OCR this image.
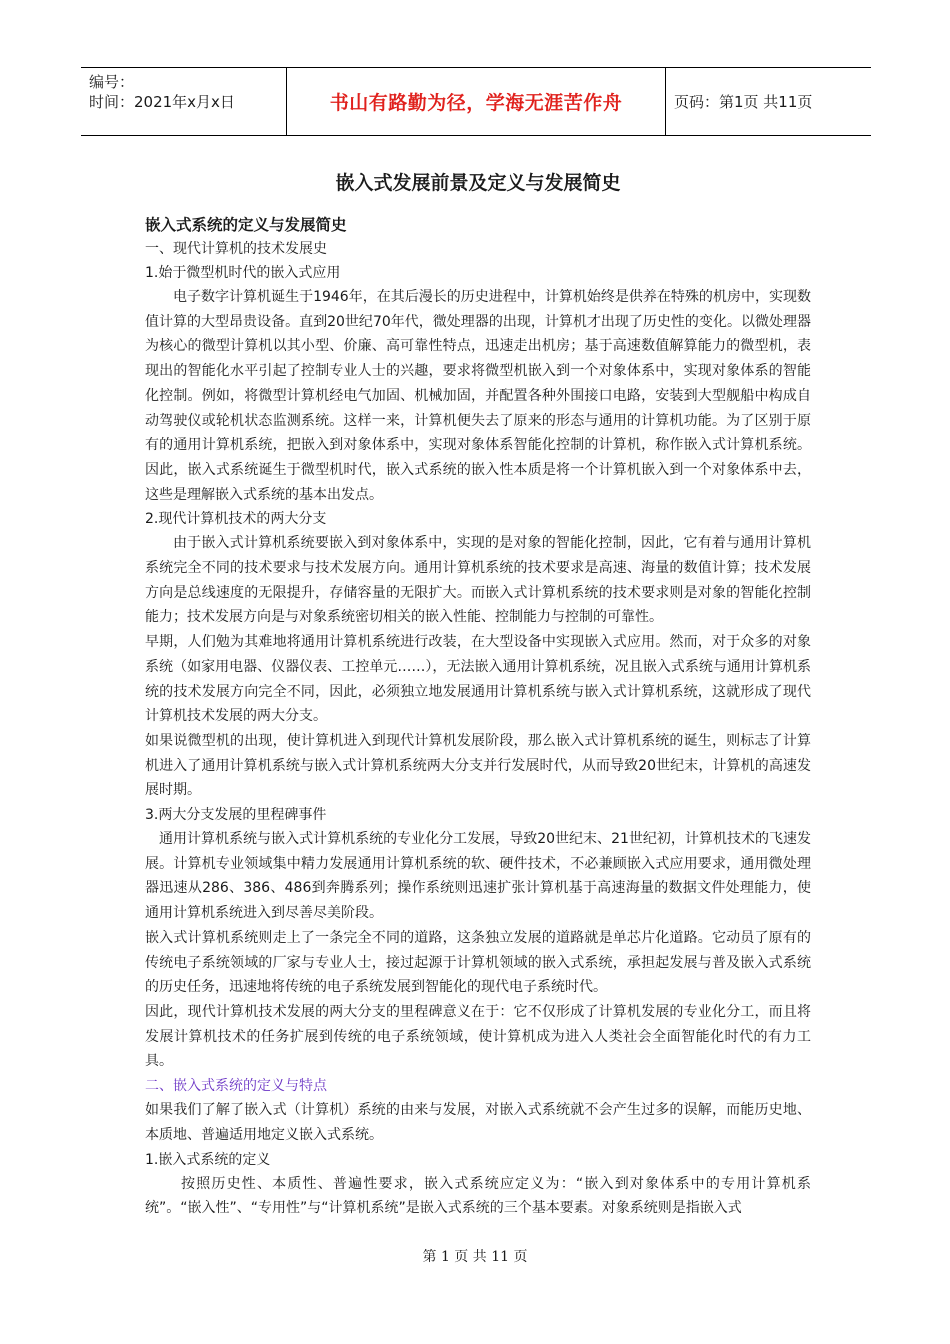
编号：
时间：2021年x月x日	书山有路勤为径，学海无涯苦作舟	页码：第1页 共11页
嵌入式发展前景及定义与发展简史
嵌入式系统的定义与发展简史
一、现代计算机的技术发展史
1.始于微型机时代的嵌入式应用

电子数字计算机诞生于1946年，在其后漫长的历史进程中，计算机始终是供养在特殊的机房中，实现数值计算的大型昂贵设备。直到20世纪70年代，微处理器的出现，计算机才出现了历史性的变化。以微处理器为核心的微型计算机以其小型、价廉、高可靠性特点，迅速走出机房；基于高速数值解算能力的微型机，表现出的智能化水平引起了控制专业人士的兴趣，要求将微型机嵌入到一个对象体系中，实现对象体系的智能化控制。例如，将微型计算机经电气加固、机械加固，并配置各种外围接口电路，安装到大型舰船中构成自动驾驶仪或轮机状态监测系统。这样一来，计算机便失去了原来的形态与通用的计算机功能。为了区别于原有的通用计算机系统，把嵌入到对象体系中，实现对象体系智能化控制的计算机，称作嵌入式计算机系统。因此，嵌入式系统诞生于微型机时代，嵌入式系统的嵌入性本质是将一个计算机嵌入到一个对象体系中去，这些是理解嵌入式系统的基本出发点。

2.现代计算机技术的两大分支

由于嵌入式计算机系统要嵌入到对象体系中，实现的是对象的智能化控制，因此，它有着与通用计算机系统完全不同的技术要求与技术发展方向。通用计算机系统的技术要求是高速、海量的数值计算；技术发展方向是总线速度的无限提升，存储容量的无限扩大。而嵌入式计算机系统的技术要求则是对象的智能化控制能力；技术发展方向是与对象系统密切相关的嵌入性能、控制能力与控制的可靠性。

早期，人们勉为其难地将通用计算机系统进行改装，在大型设备中实现嵌入式应用。然而，对于众多的对象系统（如家用电器、仪器仪表、工控单元……），无法嵌入通用计算机系统，况且嵌入式系统与通用计算机系统的技术发展方向完全不同，因此，必须独立地发展通用计算机系统与嵌入式计算机系统，这就形成了现代计算机技术发展的两大分支。

如果说微型机的出现，使计算机进入到现代计算机发展阶段，那么嵌入式计算机系统的诞生，则标志了计算机进入了通用计算机系统与嵌入式计算机系统两大分支并行发展时代，从而导致20世纪末，计算机的高速发展时期。

3.两大分支发展的里程碑事件

通用计算机系统与嵌入式计算机系统的专业化分工发展，导致20世纪末、21世纪初，计算机技术的飞速发展。计算机专业领域集中精力发展通用计算机系统的软、硬件技术，不必兼顾嵌入式应用要求，通用微处理器迅速从286、386、486到奔腾系列；操作系统则迅速扩张计算机基于高速海量的数据文件处理能力，使通用计算机系统进入到尽善尽美阶段。

嵌入式计算机系统则走上了一条完全不同的道路，这条独立发展的道路就是单芯片化道路。它动员了原有的传统电子系统领域的厂家与专业人士，接过起源于计算机领域的嵌入式系统，承担起发展与普及嵌入式系统的历史任务，迅速地将传统的电子系统发展到智能化的现代电子系统时代。

因此，现代计算机技术发展的两大分支的里程碑意义在于：它不仅形成了计算机发展的专业化分工，而且将发展计算机技术的任务扩展到传统的电子系统领域，使计算机成为进入人类社会全面智能化时代的有力工具。

二、嵌入式系统的定义与特点

如果我们了解了嵌入式（计算机）系统的由来与发展，对嵌入式系统就不会产生过多的误解，而能历史地、本质地、普遍适用地定义嵌入式系统。

1.嵌入式系统的定义

按照历史性、本质性、普遍性要求，嵌入式系统应定义为：“嵌入到对象体系中的专用计算机系统”。“嵌入性”、“专用性”与“计算机系统”是嵌入式系统的三个基本要素。对象系统则是指嵌入式

第 1 页 共 11 页
